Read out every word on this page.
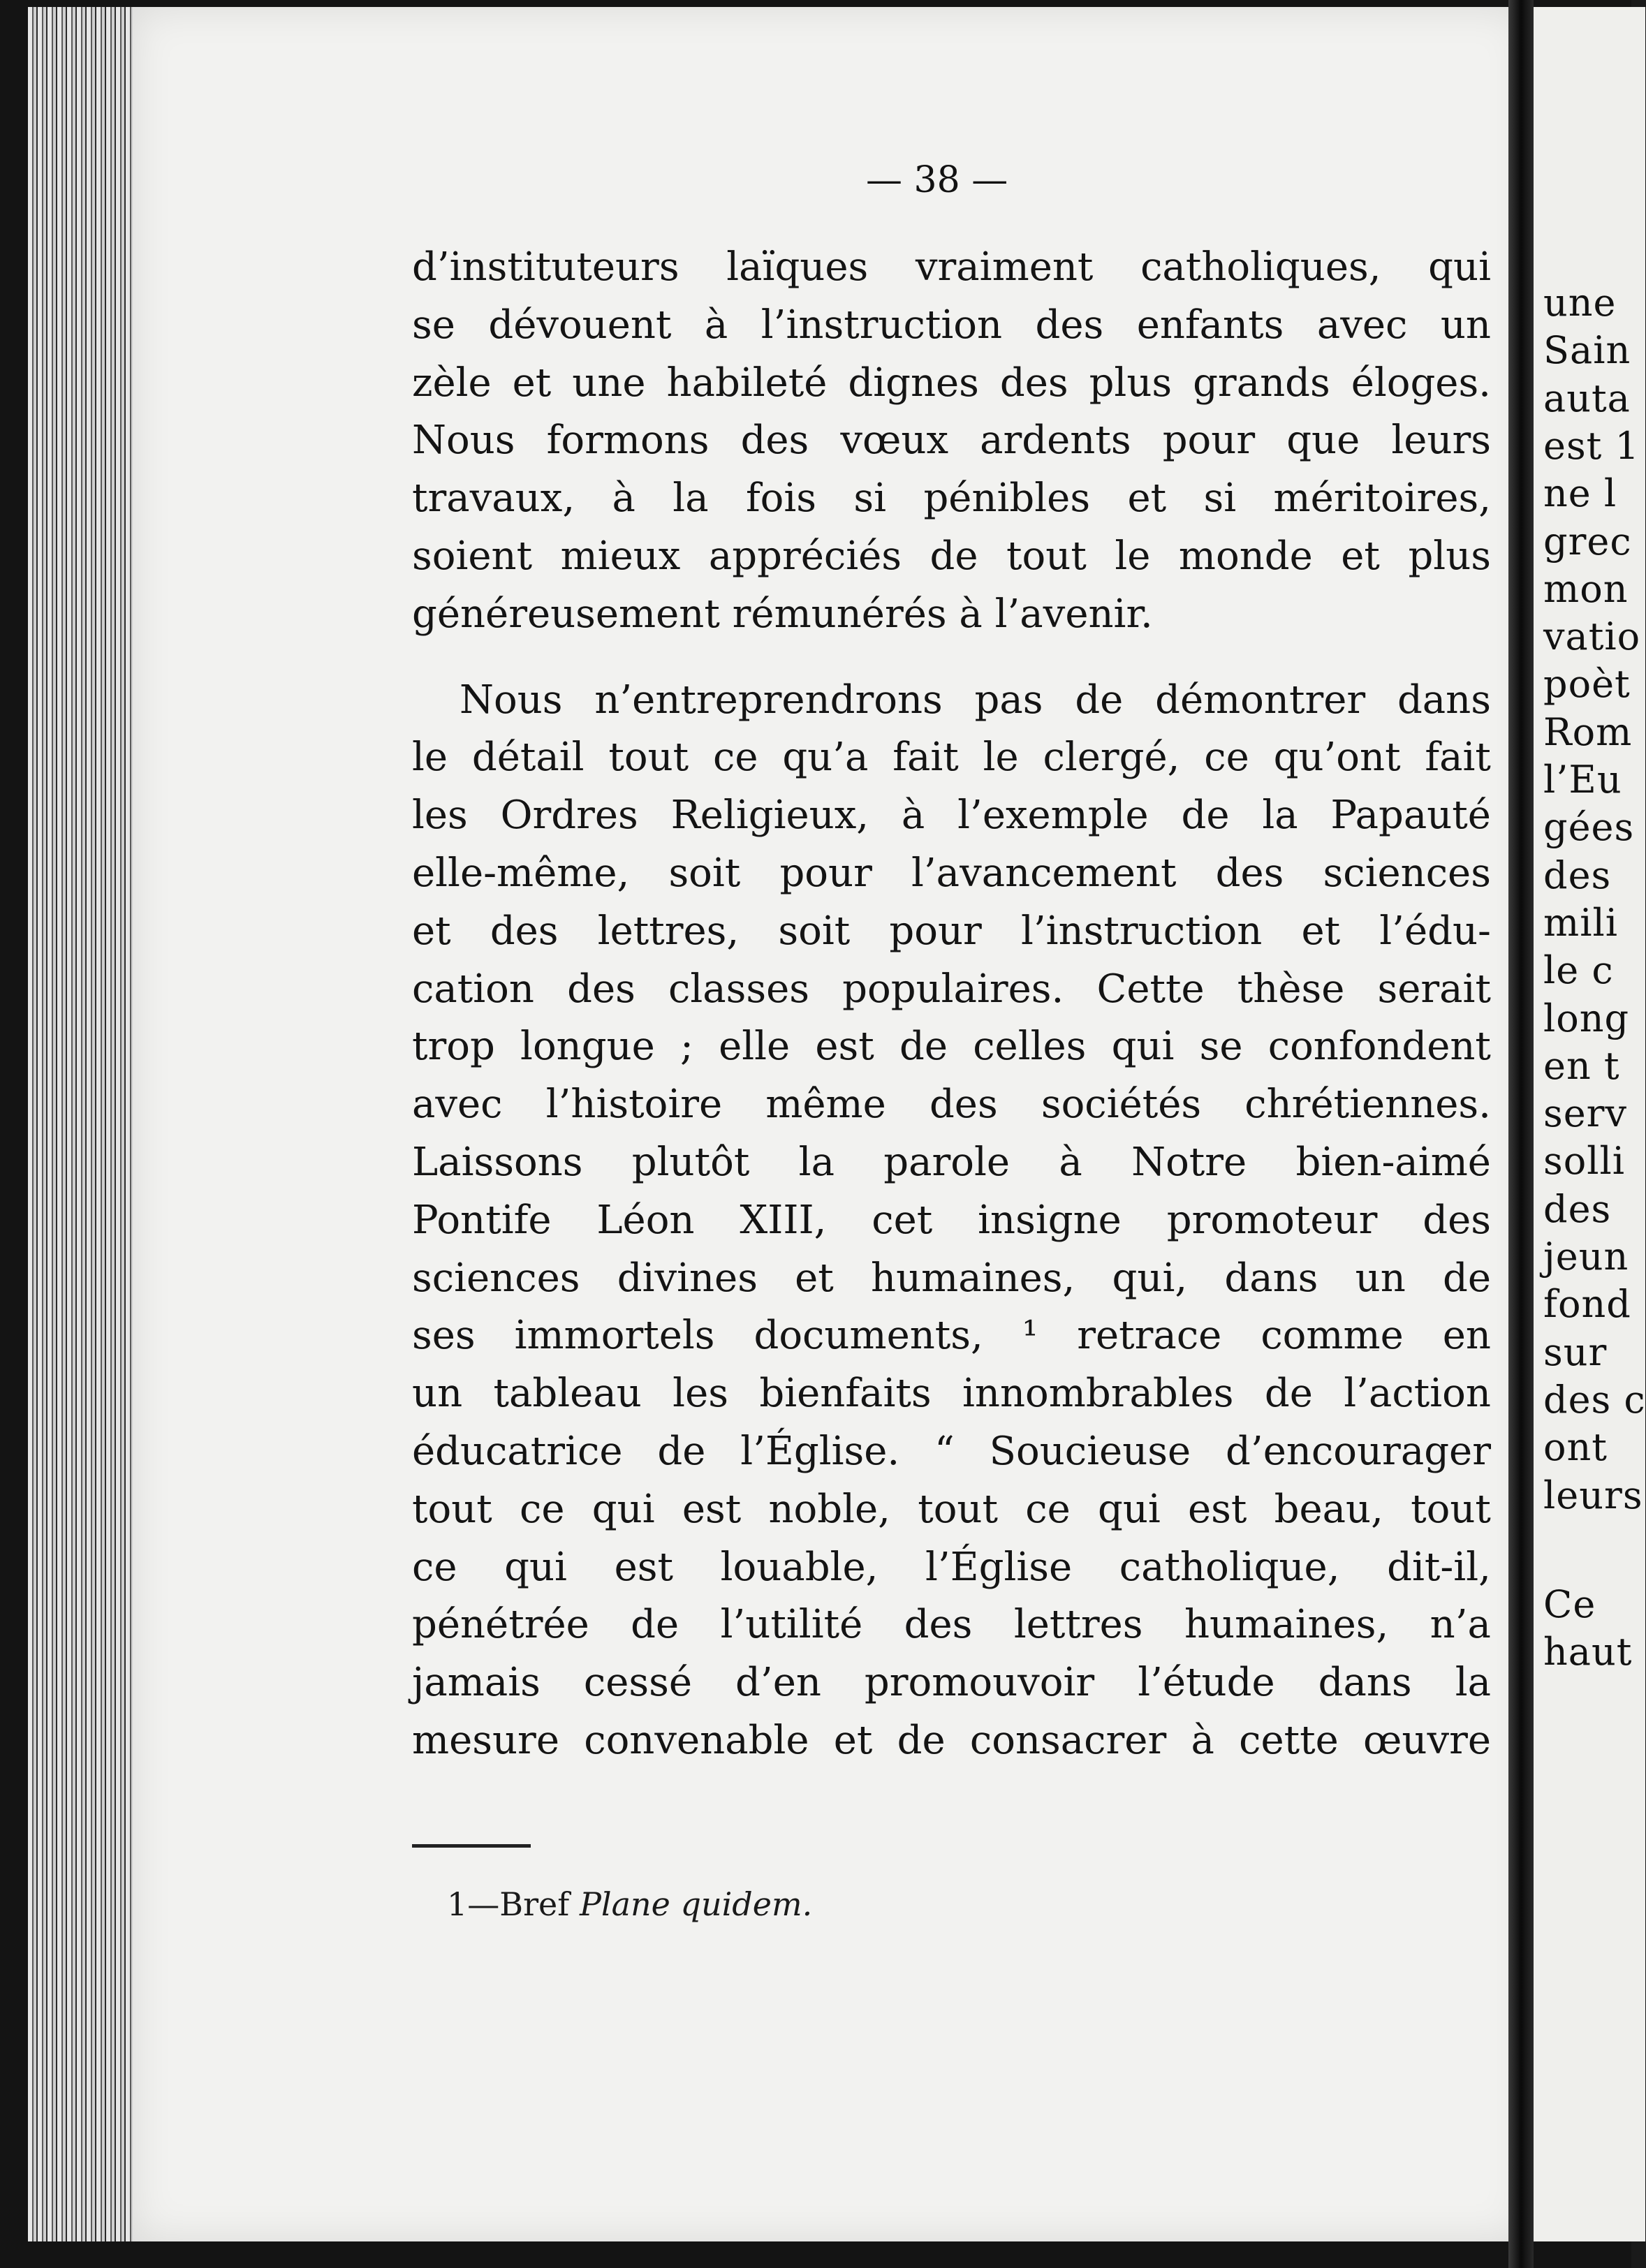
— 38 —
d’instituteurs laïques vraiment catholiques, qui
se dévouent à l’instruction des enfants avec un
zèle et une habileté dignes des plus grands éloges.
Nous formons des vœux ardents pour que leurs
travaux, à la fois si pénibles et si méritoires,
soient mieux appréciés de tout le monde et plus
généreusement rémunérés à l’avenir.
Nous n’entreprendrons pas de démontrer dans
le détail tout ce qu’a fait le clergé, ce qu’ont fait
les Ordres Religieux, à l’exemple de la Papauté
elle-même, soit pour l’avancement des sciences
et des lettres, soit pour l’instruction et l’édu-
cation des classes populaires. Cette thèse serait
trop longue ; elle est de celles qui se confondent
avec l’histoire même des sociétés chrétiennes.
Laissons plutôt la parole à Notre bien-aimé
Pontife Léon XIII, cet insigne promoteur des
sciences divines et humaines, qui, dans un de
ses immortels documents, ¹ retrace comme en
un tableau les bienfaits innombrables de l’action
éducatrice de l’Église. “ Soucieuse d’encourager
tout ce qui est noble, tout ce qui est beau, tout
ce qui est louable, l’Église catholique, dit-il,
pénétrée de l’utilité des lettres humaines, n’a
jamais cessé d’en promouvoir l’étude dans la
mesure convenable et de consacrer à cette œuvre
1—Bref Plane quidem.
une
Sain
auta
est 1
ne l
grec
mon
vatio
poèt
Rom
l’Eu
gées
des
mili
le c
long
en t
serv
solli
des
jeun
fond
sur
des c
ont
leurs
Ce
haut
